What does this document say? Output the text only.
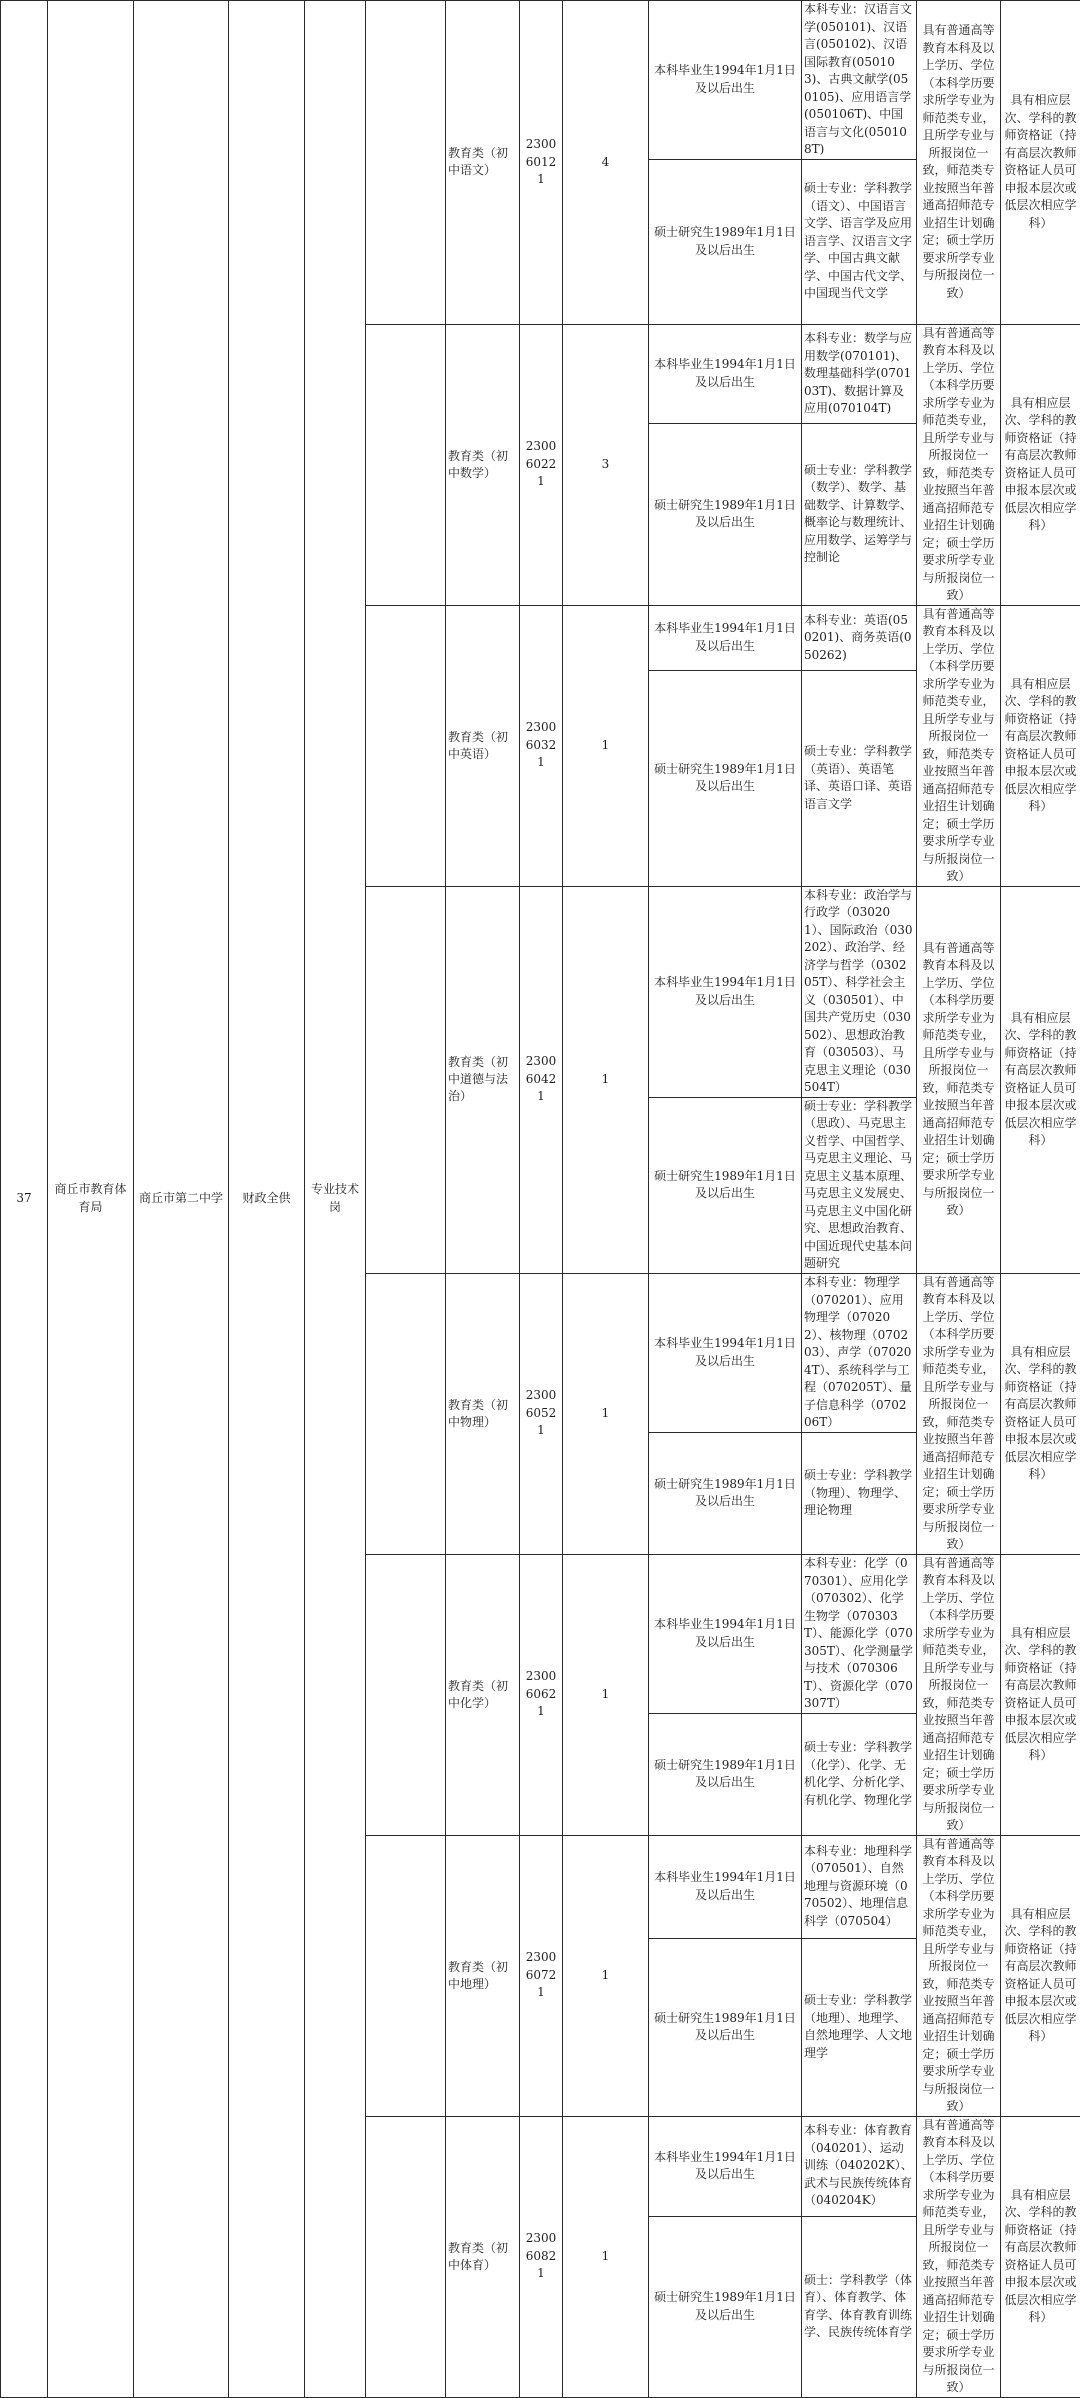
37	商丘市教育体育局	商丘市第二中学	财政全供	专业技术岗		教育类（初中语文）	230060121	4	本科毕业生1994年1月1日及以后出生	本科专业：汉语言文学(050101)、汉语言(050102)、汉语国际教育(050103)、古典文献学(050105)、应用语言学(050106T)、中国语言与文化(050108T)	具有普通高等教育本科及以上学历、学位（本科学历要求所学专业为师范类专业，且所学专业与所报岗位一致，师范类专业按照当年普通高招师范专业招生计划确定；硕士学历要求所学专业与所报岗位一致）	具有相应层次、学科的教师资格证（持有高层次教师资格证人员可申报本层次或低层次相应学科）
									硕士研究生1989年1月1日及以后出生	硕士专业：学科教学（语文）、中国语言文学、语言学及应用语言学、汉语言文字学、中国古典文献学、中国古代文学、中国现当代文学		
						教育类（初中数学）	230060221	3	本科毕业生1994年1月1日及以后出生	本科专业：数学与应用数学(070101)、数理基础科学(070103T)、数据计算及应用(070104T)	具有普通高等教育本科及以上学历、学位（本科学历要求所学专业为师范类专业，且所学专业与所报岗位一致，师范类专业按照当年普通高招师范专业招生计划确定；硕士学历要求所学专业与所报岗位一致）	具有相应层次、学科的教师资格证（持有高层次教师资格证人员可申报本层次或低层次相应学科）
									硕士研究生1989年1月1日及以后出生	硕士专业：学科教学（数学）、数学、基础数学、计算数学、概率论与数理统计、应用数学、运筹学与控制论		
						教育类（初中英语）	230060321	1	本科毕业生1994年1月1日及以后出生	本科专业：英语(050201)、商务英语(050262)	具有普通高等教育本科及以上学历、学位（本科学历要求所学专业为师范类专业，且所学专业与所报岗位一致，师范类专业按照当年普通高招师范专业招生计划确定；硕士学历要求所学专业与所报岗位一致）	具有相应层次、学科的教师资格证（持有高层次教师资格证人员可申报本层次或低层次相应学科）
									硕士研究生1989年1月1日及以后出生	硕士专业：学科教学（英语）、英语笔译、英语口译、英语语言文学		
						教育类（初中道德与法治）	230060421	1	本科毕业生1994年1月1日及以后出生	本科专业：政治学与行政学（030201）、国际政治（030202）、政治学、经济学与哲学（030205T）、科学社会主义（030501）、中国共产党历史（030502）、思想政治教育（030503）、马克思主义理论（030504T）	具有普通高等教育本科及以上学历、学位（本科学历要求所学专业为师范类专业，且所学专业与所报岗位一致，师范类专业按照当年普通高招师范专业招生计划确定；硕士学历要求所学专业与所报岗位一致）	具有相应层次、学科的教师资格证（持有高层次教师资格证人员可申报本层次或低层次相应学科）
									硕士研究生1989年1月1日及以后出生	硕士专业：学科教学（思政）、马克思主义哲学、中国哲学、马克思主义理论、马克思主义基本原理、马克思主义发展史、马克思主义中国化研究、思想政治教育、中国近现代史基本问题研究		
						教育类（初中物理）	230060521	1	本科毕业生1994年1月1日及以后出生	本科专业：物理学（070201）、应用物理学（070202）、核物理（070203）、声学（070204T）、系统科学与工程（070205T）、量子信息科学（070206T）	具有普通高等教育本科及以上学历、学位（本科学历要求所学专业为师范类专业，且所学专业与所报岗位一致，师范类专业按照当年普通高招师范专业招生计划确定；硕士学历要求所学专业与所报岗位一致）	具有相应层次、学科的教师资格证（持有高层次教师资格证人员可申报本层次或低层次相应学科）
									硕士研究生1989年1月1日及以后出生	硕士专业：学科教学（物理）、物理学、理论物理		
						教育类（初中化学）	230060621	1	本科毕业生1994年1月1日及以后出生	本科专业：化学（070301）、应用化学（070302）、化学生物学（070303T）、能源化学（070305T）、化学测量学与技术（070306T）、资源化学（070307T）	具有普通高等教育本科及以上学历、学位（本科学历要求所学专业为师范类专业，且所学专业与所报岗位一致，师范类专业按照当年普通高招师范专业招生计划确定；硕士学历要求所学专业与所报岗位一致）	具有相应层次、学科的教师资格证（持有高层次教师资格证人员可申报本层次或低层次相应学科）
									硕士研究生1989年1月1日及以后出生	硕士专业：学科教学（化学）、化学、无机化学、分析化学、有机化学、物理化学		
						教育类（初中地理）	230060721	1	本科毕业生1994年1月1日及以后出生	本科专业：地理科学（070501）、自然地理与资源环境（070502）、地理信息科学（070504）	具有普通高等教育本科及以上学历、学位（本科学历要求所学专业为师范类专业，且所学专业与所报岗位一致，师范类专业按照当年普通高招师范专业招生计划确定；硕士学历要求所学专业与所报岗位一致）	具有相应层次、学科的教师资格证（持有高层次教师资格证人员可申报本层次或低层次相应学科）
									硕士研究生1989年1月1日及以后出生	硕士专业：学科教学（地理）、地理学、自然地理学、人文地理学		
						教育类（初中体育）	230060821	1	本科毕业生1994年1月1日及以后出生	本科专业：体育教育（040201）、运动训练（040202K）、武术与民族传统体育（040204K）	具有普通高等教育本科及以上学历、学位（本科学历要求所学专业为师范类专业，且所学专业与所报岗位一致，师范类专业按照当年普通高招师范专业招生计划确定；硕士学历要求所学专业与所报岗位一致）	具有相应层次、学科的教师资格证（持有高层次教师资格证人员可申报本层次或低层次相应学科）
									硕士研究生1989年1月1日及以后出生	硕士：学科教学（体育）、体育教学、体育学、体育教育训练学、民族传统体育学		
